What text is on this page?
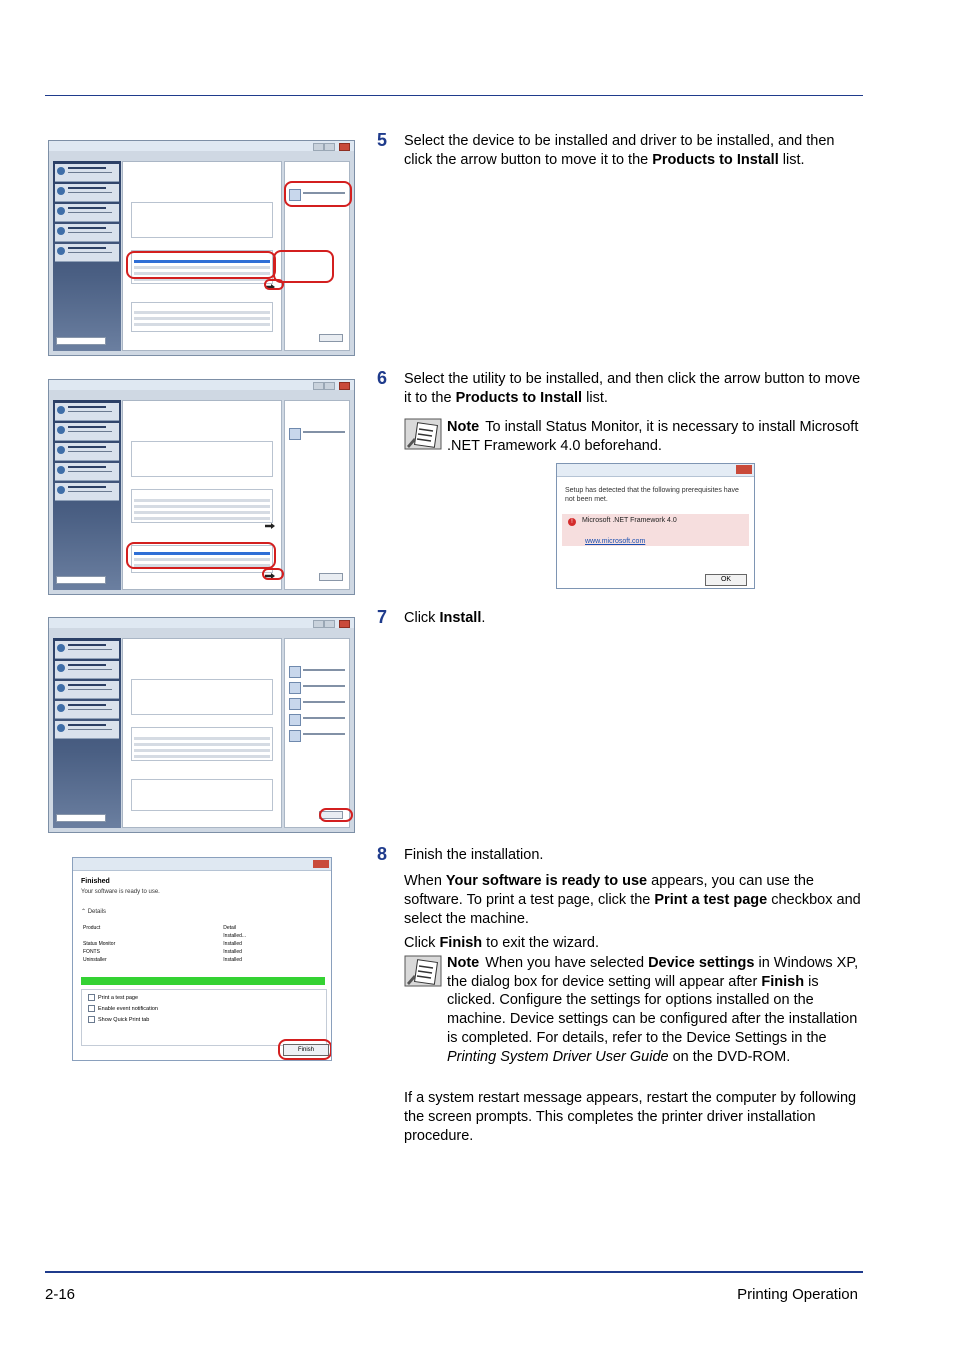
5 Select the device to be installed and driver to be installed, and then click the arrow button to move it to the Products to Install list.
6 Select the utility to be installed, and then click the arrow button to move it to the Products to Install list.
Note To install Status Monitor, it is necessary to install Microsoft .NET Framework 4.0 beforehand.
Setup has detected that the following prerequisites have not been met.
!	Microsoft .NET Framework 4.0
www.microsoft.com
OK
7 Click Install.
Finished
Your software is ready to use.
⌃ Details
Product	Detail
	Installed...
Status Monitor	Installed
FONTS	Installed
Uninstaller	Installed
Print a test page
Enable event notification
Show Quick Print tab
Finish
8 Finish the installation.
When Your software is ready to use appears, you can use the software. To print a test page, click the Print a test page checkbox and select the machine.
Click Finish to exit the wizard.
Note When you have selected Device settings in Windows XP, the dialog box for device setting will appear after Finish is clicked. Configure the settings for options installed on the machine. Device settings can be configured after the installation is completed. For details, refer to the Device Settings in the Printing System Driver User Guide on the DVD-ROM.
If a system restart message appears, restart the computer by following the screen prompts. This completes the printer driver installation procedure.
2-16	Printing Operation
